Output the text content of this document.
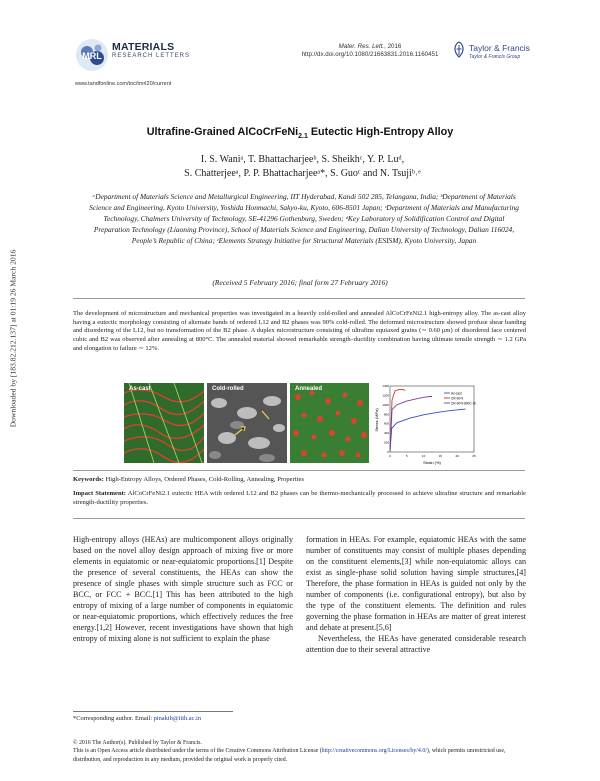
MRL
MATERIALS
RESEARCH LETTERS
Mater. Res. Lett., 2016
http://dx.doi.org/10.1080/21663831.2016.1160451
Taylor & Francis
Taylor & Francis Group
www.tandfonline.com/toc/tmrl20/current
Downloaded by [183.82.212.137] at 01:19 26 March 2016
Ultrafine-Grained AlCoCrFeNi$_{2.1}$ Eutectic High-Entropy Alloy
I. S. Waniᵃ, T. Bhattacharjeeᵇ, S. Sheikhᶜ, Y. P. Luᵈ,
S. Chatterjeeᵃ, P. P. Bhattacharjeeᵃ*, S. Guoᶜ and N. Tsujiᵇ˒ᵉ
ᵃDepartment of Materials Science and Metallurgical Engineering, IIT Hyderabad, Kandi 502 285, Telangana, India; ᵇDepartment of Materials Science and Engineering, Kyoto University, Yoshida Honmachi, Sakyo-ku, Kyoto, 606-8501 Japan; ᶜDepartment of Materials and Manufacturing Technology, Chalmers University of Technology, SE-41296 Gothenburg, Sweden; ᵈKey Laboratory of Solidification Control and Digital Preparation Technology (Liaoning Province), School of Materials Science and Engineering, Dalian University of Technology, Dalian 116024, People’s Republic of China; ᵉElements Strategy Initiative for Structural Materials (ESISM), Kyoto University, Japan
(Received 5 February 2016; final form 27 February 2016)
The development of microstructure and mechanical properties was investigated in a heavily cold-rolled and annealed AlCoCrFeNi2.1 high-entropy alloy. The as-cast alloy having a eutectic morphology consisting of alternate bands of ordered L12 and B2 phases was 90% cold-rolled. The deformed microstructure showed profuse shear banding and disordering of the L12, but no transformation of the B2 phase. A duplex microstructure consisting of ultrafine equiaxed grains (∼ 0.60 μm) of disordered face centered cubic and B2 was observed after annealing at 800°C. The annealed material showed remarkable strength–ductility combination having ultimate tensile strength ∼ 1.2 GPa and elongation to failure ∼ 12%.
As-cast	Cold-rolled	Annealed
As-cast
CR-90%
CR-90%-800C-1h
Strain (%)
Stress (MPa)
0	5	10	15	20	25
0
200
400
600
800
1000
1200
1400
Keywords: High-Entropy Alloys, Ordered Phases, Cold-Rolling, Annealing, Properties
Impact Statement: AlCoCrFeNi2.1 eutectic HEA with ordered L12 and B2 phases can be thermo-mechanically processed to achieve ultrafine structure and remarkable strength-ductility properties.

High-entropy alloys (HEAs) are multicomponent alloys originally based on the novel alloy design approach of mixing five or more elements in equiatomic or near-equiatomic proportions.[1] Despite the presence of several constituents, the HEAs can show the presence of single phases with simple structure such as FCC or BCC, or FCC + BCC.[1] This has been attributed to the high entropy of mixing of a large number of components in equiatomic or near-equiatomic proportions, which effectively reduces the free energy.[1,2] However, recent investigations have shown that high entropy of mixing alone is not sufficient to explain the phase

formation in HEAs. For example, equiatomic HEAs with the same number of constituents may consist of multiple phases depending on the constituent elements,[3] while non-equiatomic alloys can exist as single-phase solid solution having simple structures,[4] Therefore, the phase formation in HEAs is guided not only by the number of components (i.e. configurational entropy), but also by the type of the constituent elements. The definition and rules governing the phase formation in HEAs are matter of great interest and debate at present.[5,6]

Nevertheless, the HEAs have generated considerable research attention due to their several attractive

*Corresponding author. Email: pinakib@iith.ac.in
© 2016 The Author(s). Published by Taylor & Francis.
This is an Open Access article distributed under the terms of the Creative Commons Attribution License (http://creativecommons.org/Licenses/by/4.0/), which permits unrestricted use, distribution, and reproduction in any medium, provided the original work is properly cited.
